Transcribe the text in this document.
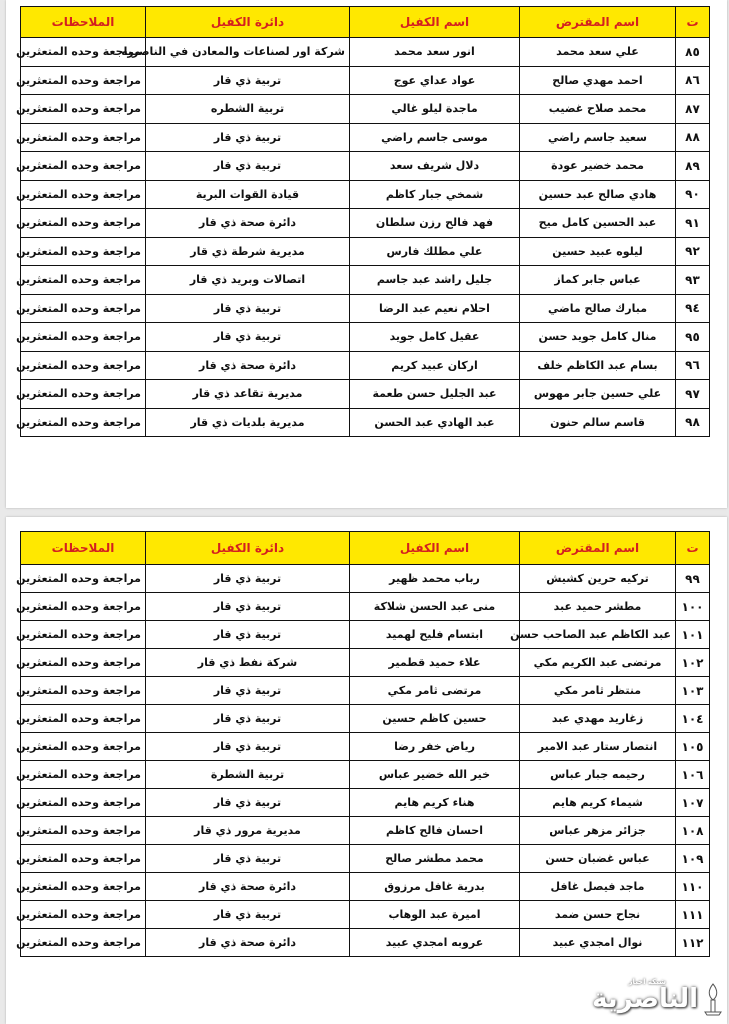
ت	اسم المقترض	اسم الكفيل	دائرة الكفيل	الملاحظات
٨٥	علي سعد محمد	انور سعد محمد	شركة اور لصناعات والمعادن في الناصريه	مراجعة وحده المتعثرين
٨٦	احمد مهدي صالح	عواد عداي عوج	تربية ذي قار	مراجعة وحده المتعثرين
٨٧	محمد صلاح غضيب	ماجدة ليلو غالي	تربية الشطره	مراجعة وحده المتعثرين
٨٨	سعيد جاسم راضي	موسى جاسم راضي	تربية ذي قار	مراجعة وحده المتعثرين
٨٩	محمد خضير عودة	دلال شريف سعد	تربية ذي قار	مراجعة وحده المتعثرين
٩٠	هادي صالح عبد حسين	شمخي جبار كاظم	قيادة القوات البرية	مراجعة وحده المتعثرين
٩١	عبد الحسين كامل ميح	فهد فالح رزن سلطان	دائرة صحة ذي قار	مراجعة وحده المتعثرين
٩٢	ليلوه عبيد حسين	علي مطلك فارس	مديرية شرطة ذي قار	مراجعة وحده المتعثرين
٩٣	عباس جابر كماز	جليل راشد عبد جاسم	اتصالات وبريد ذي قار	مراجعة وحده المتعثرين
٩٤	مبارك صالح ماضي	احلام نعيم عبد الرضا	تربية ذي قار	مراجعة وحده المتعثرين
٩٥	منال كامل جويد حسن	عقيل كامل جويد	تربية ذي قار	مراجعة وحده المتعثرين
٩٦	بسام عبد الكاظم خلف	اركان عبيد كريم	دائرة صحة ذي قار	مراجعة وحده المتعثرين
٩٧	علي حسين جابر مهوس	عبد الجليل حسن طعمة	مديرية تقاعد ذي قار	مراجعة وحده المتعثرين
٩٨	قاسم سالم حنون	عبد الهادي عبد الحسن	مديرية بلديات ذي قار	مراجعة وحده المتعثرين
ت	اسم المقترض	اسم الكفيل	دائرة الكفيل	الملاحظات
٩٩	تركيه حرين كشيش	رباب محمد ظهير	تربية ذي قار	مراجعة وحده المتعثرين
١٠٠	مطشر حميد عبد	منى عبد الحسن شلاكة	تربية ذي قار	مراجعة وحده المتعثرين
١٠١	عبد الكاظم عبد الصاحب حسن	ابتسام فليح لهميد	تربية ذي قار	مراجعة وحده المتعثرين
١٠٢	مرتضى عبد الكريم مكي	علاء حميد قطمير	شركة نفط ذي قار	مراجعة وحده المتعثرين
١٠٣	منتظر ثامر مكي	مرتضى ثامر مكي	تربية ذي قار	مراجعة وحده المتعثرين
١٠٤	زغاريد مهدي عبد	حسين كاظم حسين	تربية ذي قار	مراجعة وحده المتعثرين
١٠٥	انتصار ستار عبد الامير	رياض خفر رضا	تربية ذي قار	مراجعة وحده المتعثرين
١٠٦	رحيمه جبار عباس	خير الله خضير عباس	تربية الشطرة	مراجعة وحده المتعثرين
١٠٧	شيماء كريم هايم	هناء كريم هايم	تربية ذي قار	مراجعة وحده المتعثرين
١٠٨	جزائر مزهر عباس	احسان فالح كاظم	مديرية مرور ذي قار	مراجعة وحده المتعثرين
١٠٩	عباس غضبان حسن	محمد مطشر صالح	تربية ذي قار	مراجعة وحده المتعثرين
١١٠	ماجد فيصل غافل	بدرية غافل مرزوق	دائرة صحة ذي قار	مراجعة وحده المتعثرين
١١١	نجاح حسن ضمد	اميرة عبد الوهاب	تربية ذي قار	مراجعة وحده المتعثرين
١١٢	نوال امجدي عبيد	عروبه امجدي عبيد	دائرة صحة ذي قار	مراجعة وحده المتعثرين
الناصرية
شبكة اخبار
